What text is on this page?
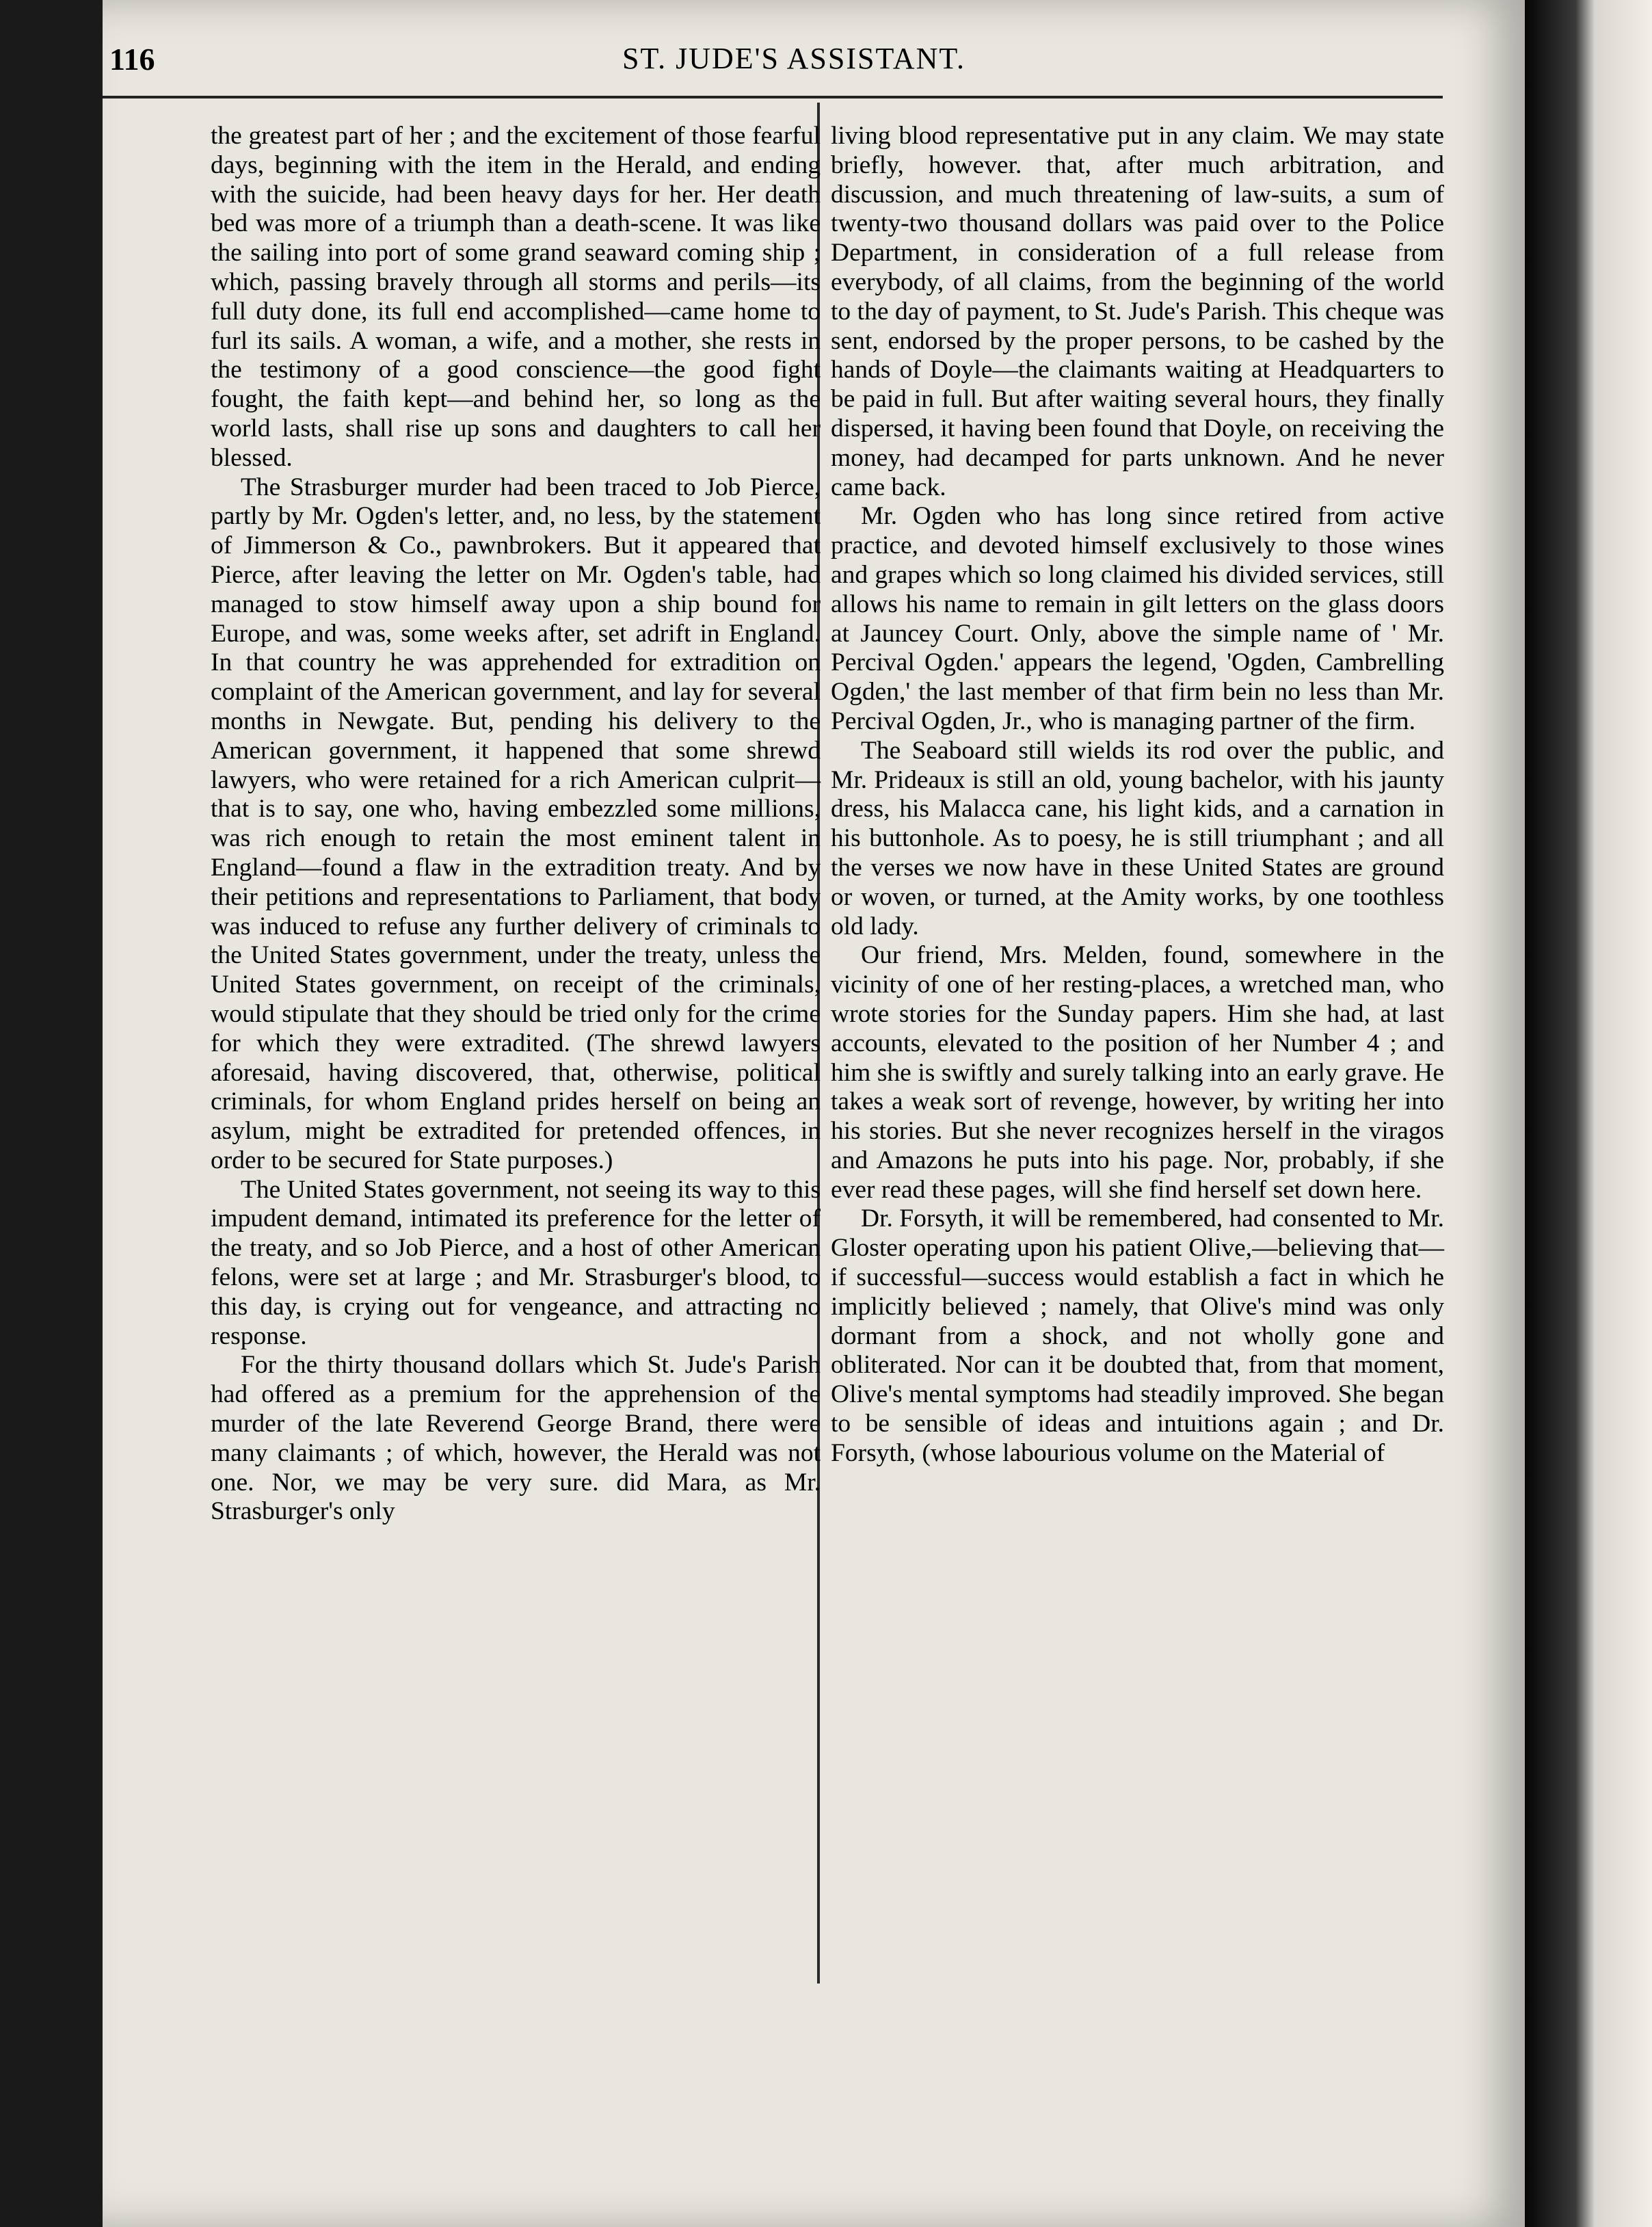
116	ST. JUDE'S ASSISTANT.

the greatest part of her ; and the excitement of those fearful days, beginning with the item in the Herald, and ending with the suicide, had been heavy days for her. Her death bed was more of a triumph than a death-scene. It was like the sailing into port of some grand seaward coming ship ; which, passing bravely through all storms and perils—its full duty done, its full end accomplished—came home to furl its sails. A woman, a wife, and a mother, she rests in the testimony of a good conscience—the good fight fought, the faith kept—and behind her, so long as the world lasts, shall rise up sons and daughters to call her blessed.

The Strasburger murder had been traced to Job Pierce, partly by Mr. Ogden's letter, and, no less, by the statement of Jimmerson & Co., pawnbrokers. But it appeared that Pierce, after leaving the letter on Mr. Ogden's table, had managed to stow himself away upon a ship bound for Europe, and was, some weeks after, set adrift in England. In that country he was apprehended for extradition on complaint of the American government, and lay for several months in Newgate. But, pending his delivery to the American government, it happened that some shrewd lawyers, who were retained for a rich American culprit—that is to say, one who, having embezzled some millions, was rich enough to retain the most eminent talent in England—found a flaw in the extradition treaty. And by their petitions and representations to Parliament, that body was induced to refuse any further delivery of criminals to the United States government, under the treaty, unless the United States government, on receipt of the criminals, would stipulate that they should be tried only for the crime for which they were extradited. (The shrewd lawyers aforesaid, having discovered, that, otherwise, political criminals, for whom England prides herself on being an asylum, might be extradited for pretended offences, in order to be secured for State purposes.)

The United States government, not seeing its way to this impudent demand, intimated its preference for the letter of the treaty, and so Job Pierce, and a host of other American felons, were set at large ; and Mr. Strasburger's blood, to this day, is crying out for vengeance, and attracting no response.

For the thirty thousand dollars which St. Jude's Parish had offered as a premium for the apprehension of the murder of the late Reverend George Brand, there were many claimants ; of which, however, the Herald was not one. Nor, we may be very sure. did Mara, as Mr. Strasburger's only

living blood representative put in any claim. We may state briefly, however. that, after much arbitration, and discussion, and much threatening of law-suits, a sum of twenty-two thousand dollars was paid over to the Police Department, in consideration of a full release from everybody, of all claims, from the beginning of the world to the day of payment, to St. Jude's Parish. This cheque was sent, endorsed by the proper persons, to be cashed by the hands of Doyle—the claimants waiting at Headquarters to be paid in full. But after waiting several hours, they finally dispersed, it having been found that Doyle, on receiving the money, had decamped for parts unknown. And he never came back.

Mr. Ogden who has long since retired from active practice, and devoted himself exclusively to those wines and grapes which so long claimed his divided services, still allows his name to remain in gilt letters on the glass doors at Jauncey Court. Only, above the simple name of ' Mr. Percival Ogden.' appears the legend, 'Ogden, Cambrelling Ogden,' the last member of that firm bein no less than Mr. Percival Ogden, Jr., who is managing partner of the firm.

The Seaboard still wields its rod over the public, and Mr. Prideaux is still an old, young bachelor, with his jaunty dress, his Malacca cane, his light kids, and a carnation in his buttonhole. As to poesy, he is still triumphant ; and all the verses we now have in these United States are ground or woven, or turned, at the Amity works, by one toothless old lady.

Our friend, Mrs. Melden, found, somewhere in the vicinity of one of her resting-places, a wretched man, who wrote stories for the Sunday papers. Him she had, at last accounts, elevated to the position of her Number 4 ; and him she is swiftly and surely talking into an early grave. He takes a weak sort of revenge, however, by writing her into his stories. But she never recognizes herself in the viragos and Amazons he puts into his page. Nor, probably, if she ever read these pages, will she find herself set down here.

Dr. Forsyth, it will be remembered, had consented to Mr. Gloster operating upon his patient Olive,—believing that—if successful—success would establish a fact in which he implicitly believed ; namely, that Olive's mind was only dormant from a shock, and not wholly gone and obliterated. Nor can it be doubted that, from that moment, Olive's mental symptoms had steadily improved. She began to be sensible of ideas and intuitions again ; and Dr. Forsyth, (whose labourious volume on the Material of
